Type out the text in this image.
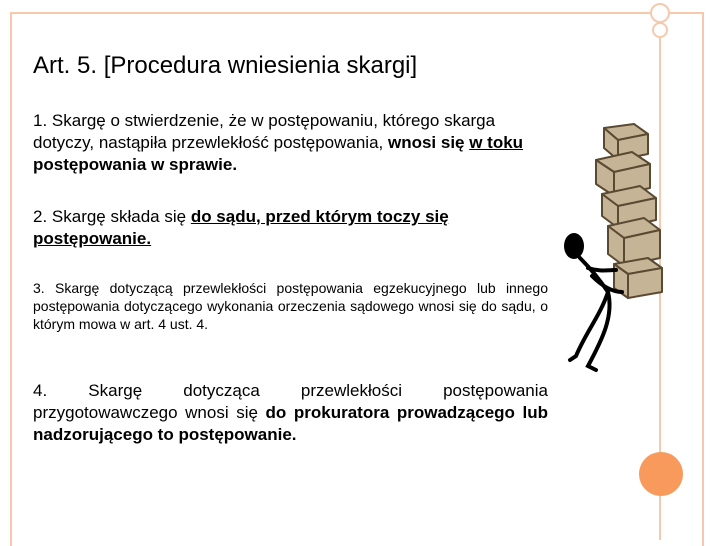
Art. 5. [Procedura wniesienia skargi]
1. Skargę o stwierdzenie, że w postępowaniu, którego skarga dotyczy, nastąpiła przewlekłość postępowania, wnosi się w toku postępowania w sprawie.
2. Skargę składa się do sądu, przed którym toczy się postępowanie.
3. Skargę dotyczącą przewlekłości postępowania egzekucyjnego lub innego postępowania dotyczącego wykonania orzeczenia sądowego wnosi się do sądu, o którym mowa w art. 4 ust. 4.
4. Skargę dotycząca przewlekłości postępowania przygotowawczego wnosi się do prokuratora prowadzącego lub nadzorującego to postępowanie.
